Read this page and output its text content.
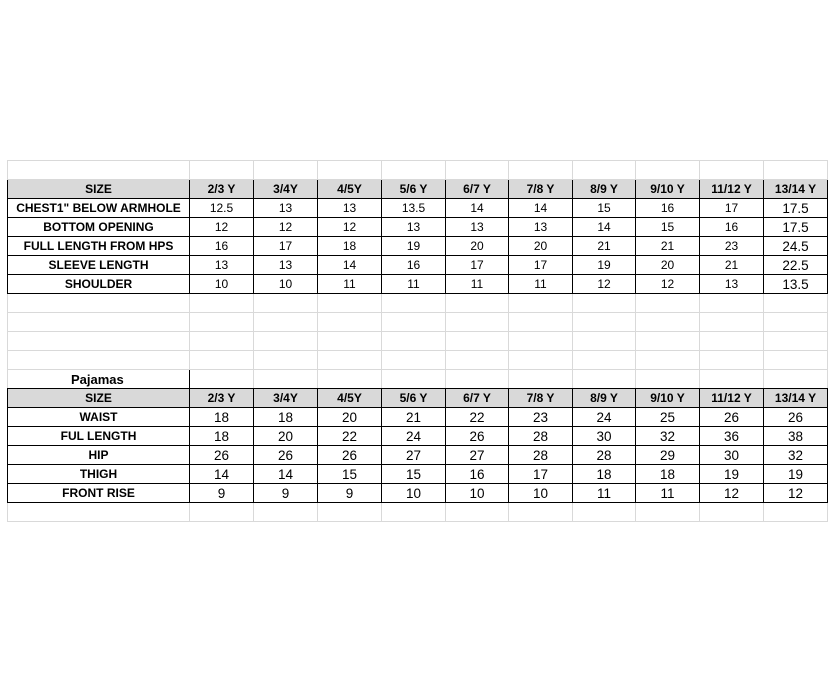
SIZE	2/3 Y	3/4Y	4/5Y	5/6 Y	6/7 Y	7/8 Y	8/9 Y	9/10 Y	11/12 Y	13/14 Y
CHEST1" BELOW ARMHOLE	12.5	13	13	13.5	14	14	15	16	17	17.5
BOTTOM OPENING	12	12	12	13	13	13	14	15	16	17.5
FULL LENGTH FROM HPS	16	17	18	19	20	20	21	21	23	24.5
SLEEVE LENGTH	13	13	14	16	17	17	19	20	21	22.5
SHOULDER	10	10	11	11	11	11	12	12	13	13.5

Pajamas										
SIZE	2/3 Y	3/4Y	4/5Y	5/6 Y	6/7 Y	7/8 Y	8/9 Y	9/10 Y	11/12 Y	13/14 Y
WAIST	18	18	20	21	22	23	24	25	26	26
FUL LENGTH	18	20	22	24	26	28	30	32	36	38
HIP	26	26	26	27	27	28	28	29	30	32
THIGH	14	14	15	15	16	17	18	18	19	19
FRONT RISE	9	9	9	10	10	10	11	11	12	12
